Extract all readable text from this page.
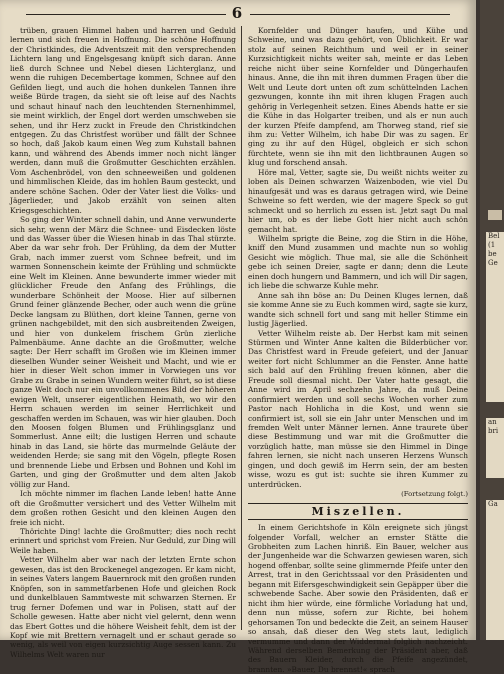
6

trüben, grauen Himmel haben und harren und Geduld lernen und sich freuen in Hoffnung. Die schöne Hoffnung der Christkindes, die Adventszeit mit den versprechenden Lichtern lang und Engelsgesang knüpft sich daran. Anne ließ durch Schnee und Nebel diesen Lichterglanz, und wenn die ruhigen Decembertage kommen, Schnee auf den Gefilden liegt, und auch die hohen dunkelen Tannen ihre weiße Bürde tragen, da sieht sie oft leise auf des Nachts und schaut hinauf nach den leuchtenden Sternenhimmel, sie meint wirklich, der Engel dort werden umschweben sie sehen, und ihr Herz zuckt in Freude den Christkindchen entgegen. Zu das Christfest worüber und fällt der Schnee so hoch, daß Jakob kaum einen Weg zum Kuhstall bahnen kann, und während des Abends immer noch nicht länger werden, dann muß die Großmutter Geschichten erzählen. Vom Aschenbrödel, von den schneeweißen und goldenen und himmlischen Kleide, das im hohlen Baum gesteckt, und andere schöne Sachen. Oder der Vater liest die Volks- und Jägerlieder, und Jakob erzählt von seinen alten Kriegsgeschichten.

So ging der Winter schnell dahin, und Anne verwunderte sich sehr, wenn der März die Schnee- und Eisdecken löste und das Wasser über die Wiesen hinab in das Thal stürzte. Aber da war sehr froh. Der Frühling, da dem der Mutter Grab, nach immer zuerst vom Schnee befreit, und im warmen Sonnenschein keimte der Frühling und schmückte eine Welt im Kleinen. Anne bewunderte immer wieder mit glücklicher Freude den Anfang des Frühlings, die wunderbare Schönheit der Moose. Hier auf silbernen Grund feiner glänzende Becher, oder auch wenn die grüne Decke langsam zu Blüthen, dort kleine Tannen, gerne von grünen nachgebildet, mit den sich ausbreitenden Zweigen, und hier von dunkelem frischem Grün zierliche Palmenbäume. Anne dachte an die Großmutter, welche sagte: Der Herr schafft im Großen wie im Kleinen immer dieselben Wunder seiner Weisheit und Macht, und wie er hier in dieser Welt schon immer in Vorwiegen uns vor Grabe zu Grabe in seinen Wundern weiter führt, so ist diese ganze Welt doch nur ein unvollkommenes Bild der höheren ewigen Welt, unserer eigentlichen Heimath, wo wir den Herrn schauen werden im seiner Herrlichkeit und geschaffen werden im Schauen, was wir hier glauben. Doch den Moosen folgen Blumen und Frühlingsglanz und Sommerlust. Anne eilt; die lustigen Herren und schaute hinab in das Land, sie hörte das murmelnde Geläute der weidenden Herde; sie sang mit den Vögeln, pflegte Rosen und brennende Liebe und Erbsen und Bohnen und Kohl im Garten, und ging der Großmutter und dem alten Jakob völlig zur Hand.

Ich möchte nimmer im flachen Lande leben! hatte Anne oft die Großmutter versichert und des Vetter Wilhelm mit dem großen rothen Gesicht und den kleinen Augen den freie ich nicht.

Thörichte Ding! lachte die Großmutter; dies noch recht erinnert und sprichst vom Freien. Nur Geduld, zur Ding will Weile haben.

Vetter Wilhelm aber war nach der letzten Ernte schon gewesen, das ist den Brockenegel angezogen. Er kam nicht, in seines Vaters langem Bauernrock mit den großen runden Knöpfen, son in sammetfarbenen Hofe und gleichen Rock und dunkelblauen Sammtweste mit schwarzen Sternen. Er trug ferner Dofemen und war in Polisen, statt auf der Scholle gewesen. Hatte aber nicht viel gelernt, denn wenn das Ebert Gottes und die höhere Weisheit fehlt, dem ist der Kopf wie mit Brettern vernagelt und er schaut gerade so wenig, als weil von eigen kurzsichtig Auge sessen kann. Zu Wilhelms Welt waren nur

Kornfelder und Dünger haufen, und Kühe und Schweine, und was dazu gehört, von Üblichkeit. Er war stolz auf seinen Reichthum und weil er in seiner Kurzsichtigkeit nichts weiter sah, meinte er das Leben reiche nicht über seine Kornfelder und Düngerhaufen hinaus. Anne, die ihn mit ihren dummen Fragen über die Welt und Leute dort unten oft zum schüttelnden Lachen gezwungen, konnte ihn mit ihren klugen Fragen auch gehörig in Verlegenheit setzen. Eines Abends hatte er sie die Kühe in das Holgarter treiben, und als er nun auch der kurzen Pfeife dampfend, am Thorweg stand, rief sie ihm zu: Vetter Wilhelm, ich habe Dir was zu sagen. Er ging zu ihr auf den Hügel, obgleich er sich schon fürchtete, wenn sie ihn mit den lichtbraunen Augen so klug und forschend ansah.

Höre mal, Vetter, sagte sie, Du weißt nichts weiter zu loben als Deinen schwarzen Waizenboden, wie viel Du hinaufgesät und was es daraus getragen wird, wie Deine Schweine so fett werden, wie der magere Speck so gut schmeckt und so herrlich zu essen ist. Jetzt sagt Du mal hier um, ob es der liebe Gott hier nicht auch schön gemacht hat.

Wilhelm sprigte die Beine, zog die Stirn in die Höhe, kniff den Mund zusammen und machte nun so wohlig Gesicht wie möglich. Thue mal, sie alle die Schönheit gebe ich seinen Dreier, sagte er dann; denn die Leute einen doch hungern und Bammern, und ich will Dir sagen, ich liebe die schwarze Kuhle mehr.

Anne sah ihn böse an: Du Deinen Kluges lernen, daß sie komme Anne sie zu Euch kommen wird, sagte sie kurz, wandte sich schnell fort und sang mit heller Stimme ein lustig Jägerlied.

Vetter Wilhelm reiste ab. Der Herbst kam mit seinen Stürmen und Winter Anne kalten die Bilderbücher vor. Das Christfest ward in Freude gefeiert, und der Januar weiter fort nicht Schlummer an die Fenster. Anne hatte sich bald auf den Frühling freuen können, aber die Freude soll diesmal nicht. Der Vater hatte gesagt, die Anne wird im April sechzehn Jahre, da muß Deine confirmiert werden und soll sechs Wochen vorher zum Pastor nach Hohlicha in die Kost, und wenn sie confirmiert ist, soll sie ein Jahr unter Menschen und im fremden Welt unter Männer lernen. Anne traurete über diese Bestimmung und war mit die Großmutter die vorzüglich hatte, man müsse sie den Himmel in Dinge fahren lernen, sie nicht nach unseren Herzens Wunsch gingen, und doch gewiß im Herrn sein, der am besten wisse, wozu es gut ist: suchte sie ihren Kummer zu unterdrücken.

(Fortsetzung folgt.)
Miszellen.

In einem Gerichtshofe in Köln ereignete sich jüngst folgender Vorfall, welcher an ernster Stätte die Grobheiten zum Lachen hinriß. Ein Bauer, welcher aus der Jungenheide war die Schwarzen gewiesen waren, sich hogend offenbar, sollte seine glimmernde Pfeife unter den Arrest, trat in den Gerichtssaal vor den Präsidenten und begann mit Eifersgeschwindigkeit sein Gepäpper über die schwebende Sache. Aber sowie den Präsidenten, daß er nicht ihm hier würde, eine förmliche Vorladung hat und, denn nun müsse, sofern zur Richte, bei hohem gehorsamen Ton und bedeckte die Zeit, an seinem Hauser so ansah, daß dieser den Weg stets laut, lediglich vermumme und dann der Widdermal folglich nachzeicht. Während derselben Bemerkung der Präsident aber, daß des Bauern Kleider, durch die Pfeife angezündet, brannten. »Bauer, Du brennst!« sprach

Bel
(1
be
Ge
an
bri
Ga
